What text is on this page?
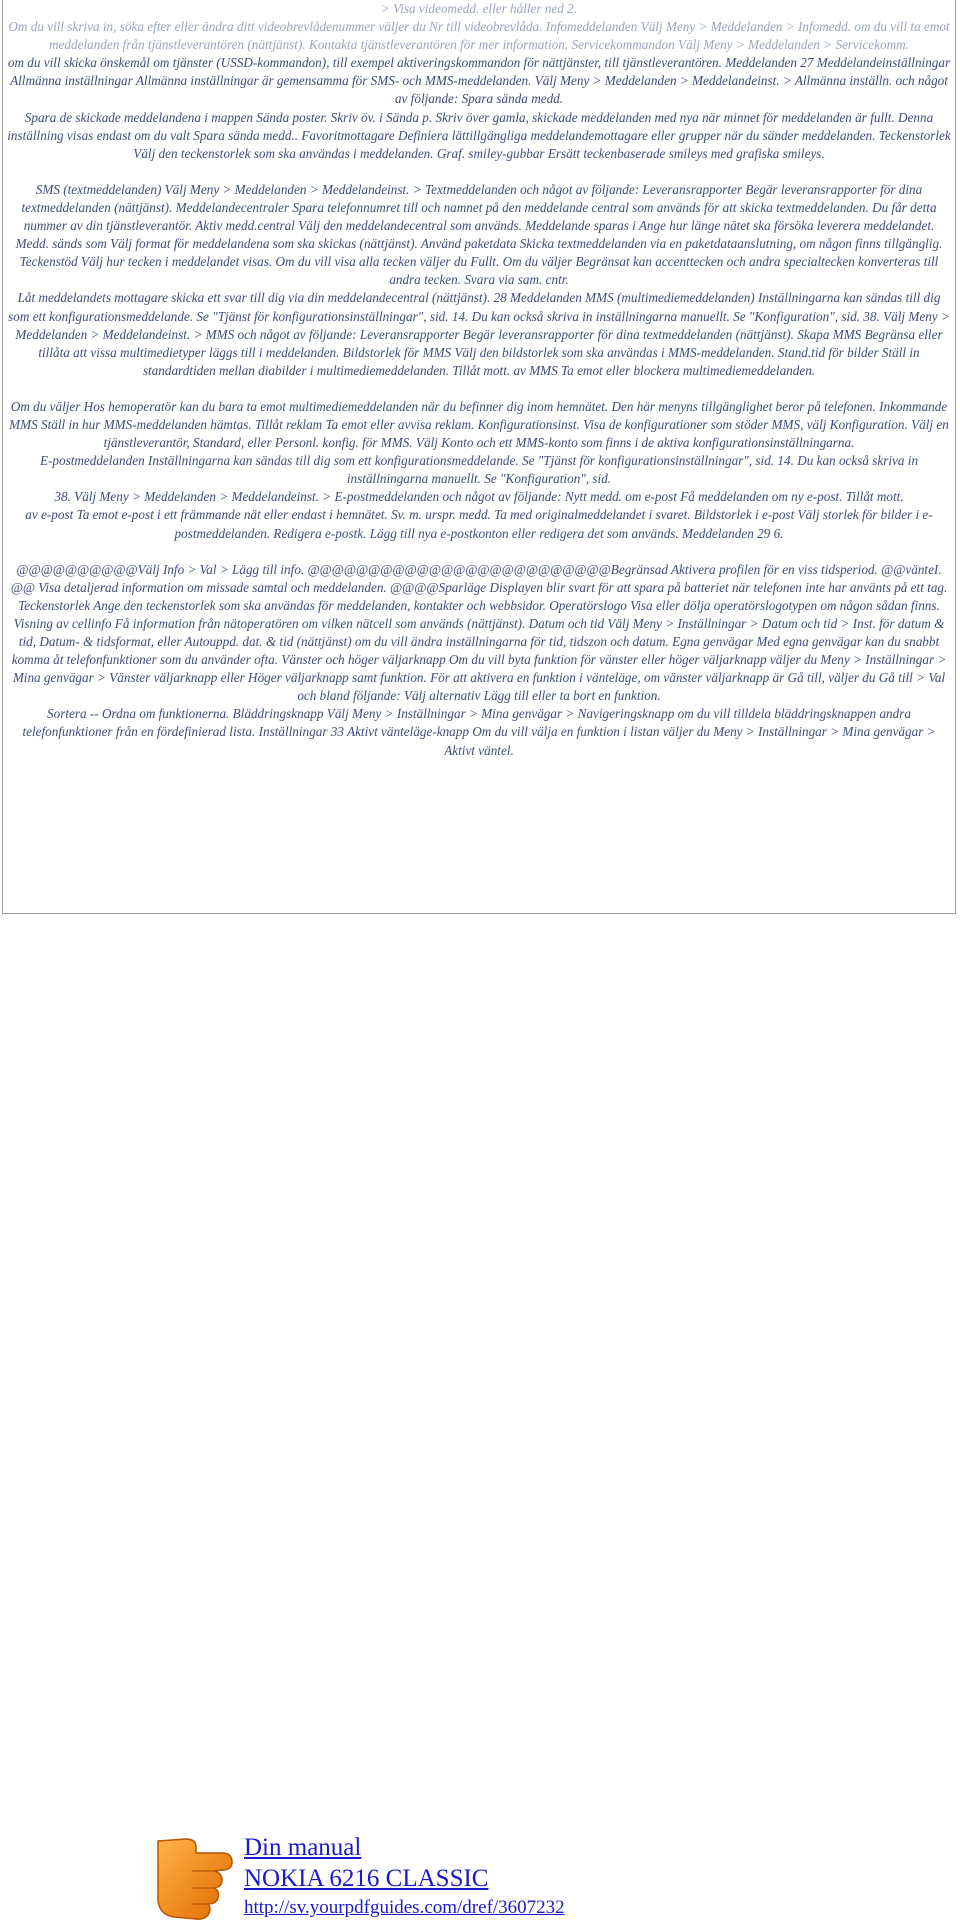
> Visa videomedd. eller håller ned 2.

Om du vill skriva in, söka efter eller ändra ditt videobrevlådenummer väljer du Nr till videobrevlåda. Infomeddelanden Välj Meny > Meddelanden > Infomedd. om du vill ta emot meddelanden från tjänstleverantören (nättjänst). Kontakta tjänstleverantören för mer information. Servicekommandon Välj Meny > Meddelanden > Servicekomm.

om du vill skicka önskemål om tjänster (USSD-kommandon), till exempel aktiveringskommandon för nättjänster, till tjänstleverantören. Meddelanden 27 Meddelandeinställningar Allmänna inställningar Allmänna inställningar är gemensamma för SMS- och MMS-meddelanden. Välj Meny > Meddelanden > Meddelandeinst. > Allmänna inställn. och något av följande: Spara sända medd.

Spara de skickade meddelandena i mappen Sända poster. Skriv öv. i Sända p. Skriv över gamla, skickade meddelanden med nya när minnet för meddelanden är fullt. Denna inställning visas endast om du valt Spara sända medd.. Favoritmottagare Definiera lättillgängliga meddelandemottagare eller grupper när du sänder meddelanden. Teckenstorlek Välj den teckenstorlek som ska användas i meddelanden. Graf. smiley-gubbar Ersätt teckenbaserade smileys med grafiska smileys.

SMS (textmeddelanden) Välj Meny > Meddelanden > Meddelandeinst. > Textmeddelanden och något av följande: Leveransrapporter Begär leveransrapporter för dina textmeddelanden (nättjänst). Meddelandecentraler Spara telefonnumret till och namnet på den meddelande central som används för att skicka textmeddelanden. Du får detta nummer av din tjänstleverantör. Aktiv medd.central Välj den meddelandecentral som används. Meddelande sparas i Ange hur länge nätet ska försöka leverera meddelandet. Medd. sänds som Välj format för meddelandena som ska skickas (nättjänst). Använd paketdata Skicka textmeddelanden via en paketdataanslutning, om någon finns tillgänglig.

Teckenstöd Välj hur tecken i meddelandet visas. Om du vill visa alla tecken väljer du Fullt. Om du väljer Begränsat kan accenttecken och andra specialtecken konverteras till andra tecken. Svara via sam. cntr.

Låt meddelandets mottagare skicka ett svar till dig via din meddelandecentral (nättjänst). 28 Meddelanden MMS (multimediemeddelanden) Inställningarna kan sändas till dig som ett konfigurationsmeddelande. Se "Tjänst för konfigurationsinställningar", sid. 14. Du kan också skriva in inställningarna manuellt. Se "Konfiguration", sid. 38. Välj Meny > Meddelanden > Meddelandeinst. > MMS och något av följande: Leveransrapporter Begär leveransrapporter för dina textmeddelanden (nättjänst). Skapa MMS Begränsa eller tillåta att vissa multimedietyper läggs till i meddelanden. Bildstorlek för MMS Välj den bildstorlek som ska användas i MMS-meddelanden. Stand.tid för bilder Ställ in standardtiden mellan diabilder i multimediemeddelanden. Tillåt mott. av MMS Ta emot eller blockera multimediemeddelanden.

Om du väljer Hos hemoperatör kan du bara ta emot multimediemeddelanden när du befinner dig inom hemnätet. Den här menyns tillgänglighet beror på telefonen. Inkommande MMS Ställ in hur MMS-meddelanden hämtas. Tillåt reklam Ta emot eller avvisa reklam. Konfigurationsinst. Visa de konfigurationer som stöder MMS, välj Konfiguration. Välj en tjänstleverantör, Standard, eller Personl. konfig. för MMS. Välj Konto och ett MMS-konto som finns i de aktiva konfigurationsinställningarna.

E-postmeddelanden Inställningarna kan sändas till dig som ett konfigurationsmeddelande. Se "Tjänst för konfigurationsinställningar", sid. 14. Du kan också skriva in inställningarna manuellt. Se "Konfiguration", sid.

38. Välj Meny > Meddelanden > Meddelandeinst. > E-postmeddelanden och något av följande: Nytt medd. om e-post Få meddelanden om ny e-post. Tillåt mott.

av e-post Ta emot e-post i ett främmande nät eller endast i hemnätet. Sv. m. urspr. medd. Ta med originalmeddelandet i svaret. Bildstorlek i e-post Välj storlek för bilder i e-postmeddelanden. Redigera e-postk. Lägg till nya e-postkonton eller redigera det som används. Meddelanden 29 6.

@@@@@@@@@@Välj Info > Val > Lägg till info. @@@@@@@@@@@@@@@@@@@@@@@@@Begränsad Aktivera profilen för en viss tidsperiod. @@vänteI. @@ Visa detaljerad information om missade samtal och meddelanden. @@@@Sparläge Displayen blir svart för att spara på batteriet när telefonen inte har använts på ett tag. Teckenstorlek Ange den teckenstorlek som ska användas för meddelanden, kontakter och webbsidor. Operatörslogo Visa eller dölja operatörslogotypen om någon sådan finns. Visning av cellinfo Få information från nätoperatören om vilken nätcell som används (nättjänst). Datum och tid Välj Meny > Inställningar > Datum och tid > Inst. för datum & tid, Datum- & tidsformat, eller Autouppd. dat. & tid (nättjänst) om du vill ändra inställningarna för tid, tidszon och datum. Egna genvägar Med egna genvägar kan du snabbt komma åt telefonfunktioner som du använder ofta. Vänster och höger väljarknapp Om du vill byta funktion för vänster eller höger väljarknapp väljer du Meny > Inställningar > Mina genvägar > Vänster väljarknapp eller Höger väljarknapp samt funktion. För att aktivera en funktion i vänteläge, om vänster väljarknapp är Gå till, väljer du Gå till > Val och bland följande: Välj alternativ Lägg till eller ta bort en funktion.

Sortera -- Ordna om funktionerna. Bläddringsknapp Välj Meny > Inställningar > Mina genvägar > Navigeringsknapp om du vill tilldela bläddringsknappen andra telefonfunktioner från en fördefinierad lista. Inställningar 33 Aktivt vänteläge-knapp Om du vill välja en funktion i listan väljer du Meny > Inställningar > Mina genvägar > Aktivt väntel.

Din manual
NOKIA 6216 CLASSIC
http://sv.yourpdfguides.com/dref/3607232
